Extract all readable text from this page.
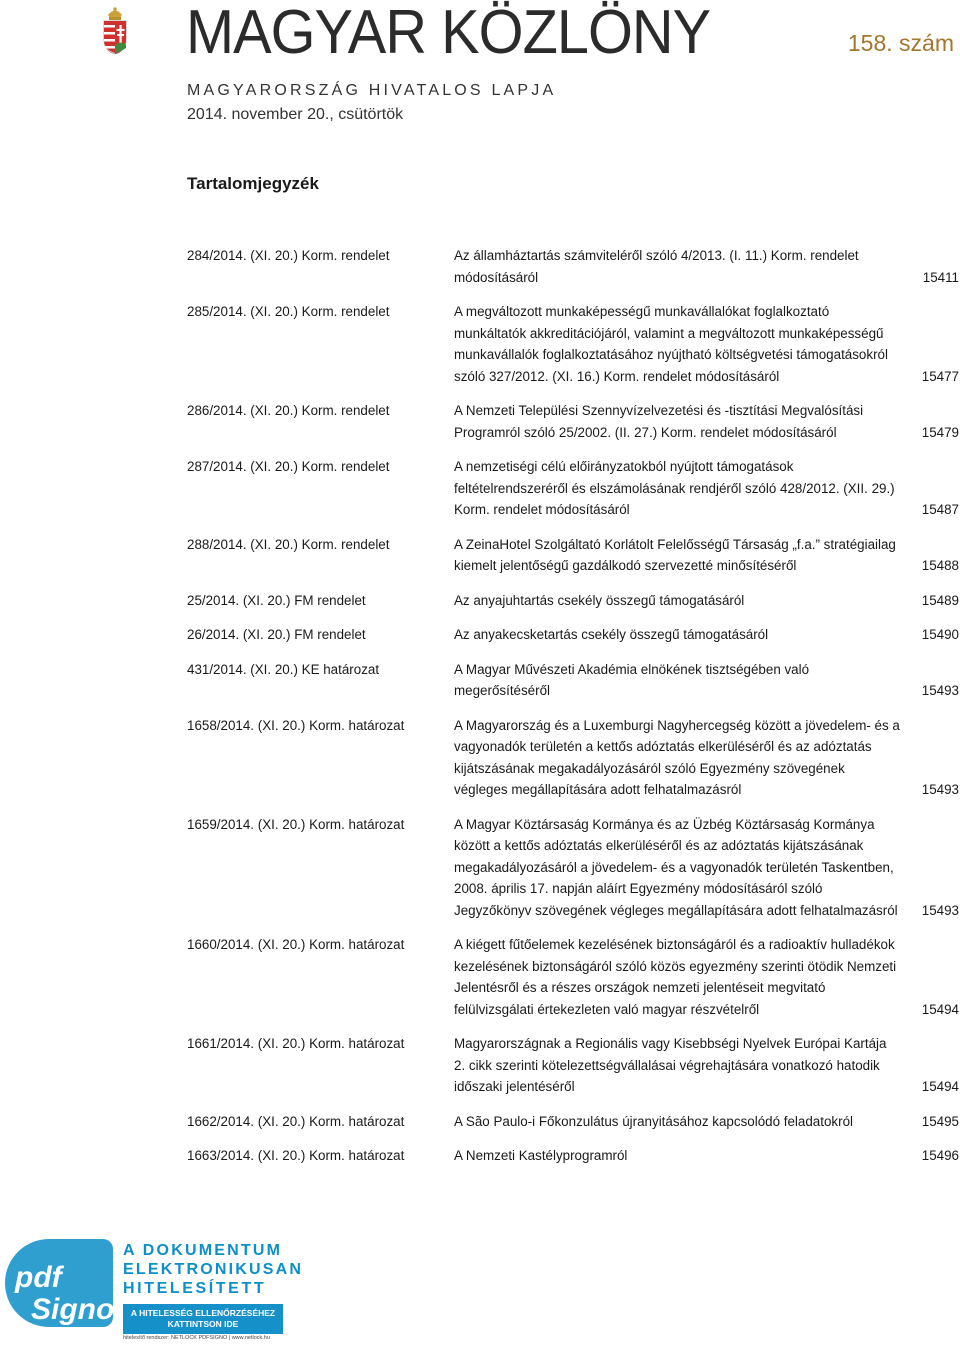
MAGYAR KÖZLÖNY	158. szám
MAGYARORSZÁG HIVATALOS LAPJA
2014. november 20., csütörtök
Tartalomjegyzék
284/2014. (XI. 20.) Korm. rendelet	Az államháztartás számviteléről szóló 4/2013. (I. 11.) Korm. rendelet módosításáról	15411
285/2014. (XI. 20.) Korm. rendelet	A megváltozott munkaképességű munkavállalókat foglalkoztató munkáltatók akkreditációjáról, valamint a megváltozott munkaképességű munkavállalók foglalkoztatásához nyújtható költségvetési támogatásokról szóló 327/2012. (XI. 16.) Korm. rendelet módosításáról	15477
286/2014. (XI. 20.) Korm. rendelet	A Nemzeti Települési Szennyvízelvezetési és -tisztítási Megvalósítási Programról szóló 25/2002. (II. 27.) Korm. rendelet módosításáról	15479
287/2014. (XI. 20.) Korm. rendelet	A nemzetiségi célú előirányzatokból nyújtott támogatások feltételrendszeréről és elszámolásának rendjéről szóló 428/2012. (XII. 29.) Korm. rendelet módosításáról	15487
288/2014. (XI. 20.) Korm. rendelet	A ZeinaHotel Szolgáltató Korlátolt Felelősségű Társaság „f.a.” stratégiailag kiemelt jelentőségű gazdálkodó szervezetté minősítéséről	15488
25/2014. (XI. 20.) FM rendelet	Az anyajuhtartás csekély összegű támogatásáról	15489
26/2014. (XI. 20.) FM rendelet	Az anyakecsketartás csekély összegű támogatásáról	15490
431/2014. (XI. 20.) KE határozat	A Magyar Művészeti Akadémia elnökének tisztségében való megerősítéséről	15493
1658/2014. (XI. 20.) Korm. határozat	A Magyarország és a Luxemburgi Nagyhercegség között a jövedelem- és a vagyonadók területén a kettős adóztatás elkerüléséről és az adóztatás kijátszásának megakadályozásáról szóló Egyezmény szövegének végleges megállapítására adott felhatalmazásról	15493
1659/2014. (XI. 20.) Korm. határozat	A Magyar Köztársaság Kormánya és az Üzbég Köztársaság Kormánya között a kettős adóztatás elkerüléséről és az adóztatás kijátszásának megakadályozásáról a jövedelem- és a vagyonadók területén Taskentben, 2008. április 17. napján aláírt Egyezmény módosításáról szóló Jegyzőkönyv szövegének végleges megállapítására adott felhatalmazásról	15493
1660/2014. (XI. 20.) Korm. határozat	A kiégett fűtőelemek kezelésének biztonságáról és a radioaktív hulladékok kezelésének biztonságáról szóló közös egyezmény szerinti ötödik Nemzeti Jelentésről és a részes országok nemzeti jelentéseit megvitató felülvizsgálati értekezleten való magyar részvételről	15494
1661/2014. (XI. 20.) Korm. határozat	Magyarországnak a Regionális vagy Kisebbségi Nyelvek Európai Kartája 2. cikk szerinti kötelezettségvállalásai végrehajtására vonatkozó hatodik időszaki jelentéséről	15494
1662/2014. (XI. 20.) Korm. határozat	A São Paulo-i Főkonzulátus újranyitásához kapcsolódó feladatokról	15495
1663/2014. (XI. 20.) Korm. határozat	A Nemzeti Kastélyprogramról	15496
pdf
Signo
A DOKUMENTUM
ELEKTRONIKUSAN
HITELESÍTETT
A HITELESSÉG ELLENŐRZÉSÉHEZ
KATTINTSON IDE
hitelesítő rendszer: NETLOCK PDFSIGNO | www.netlock.hu
